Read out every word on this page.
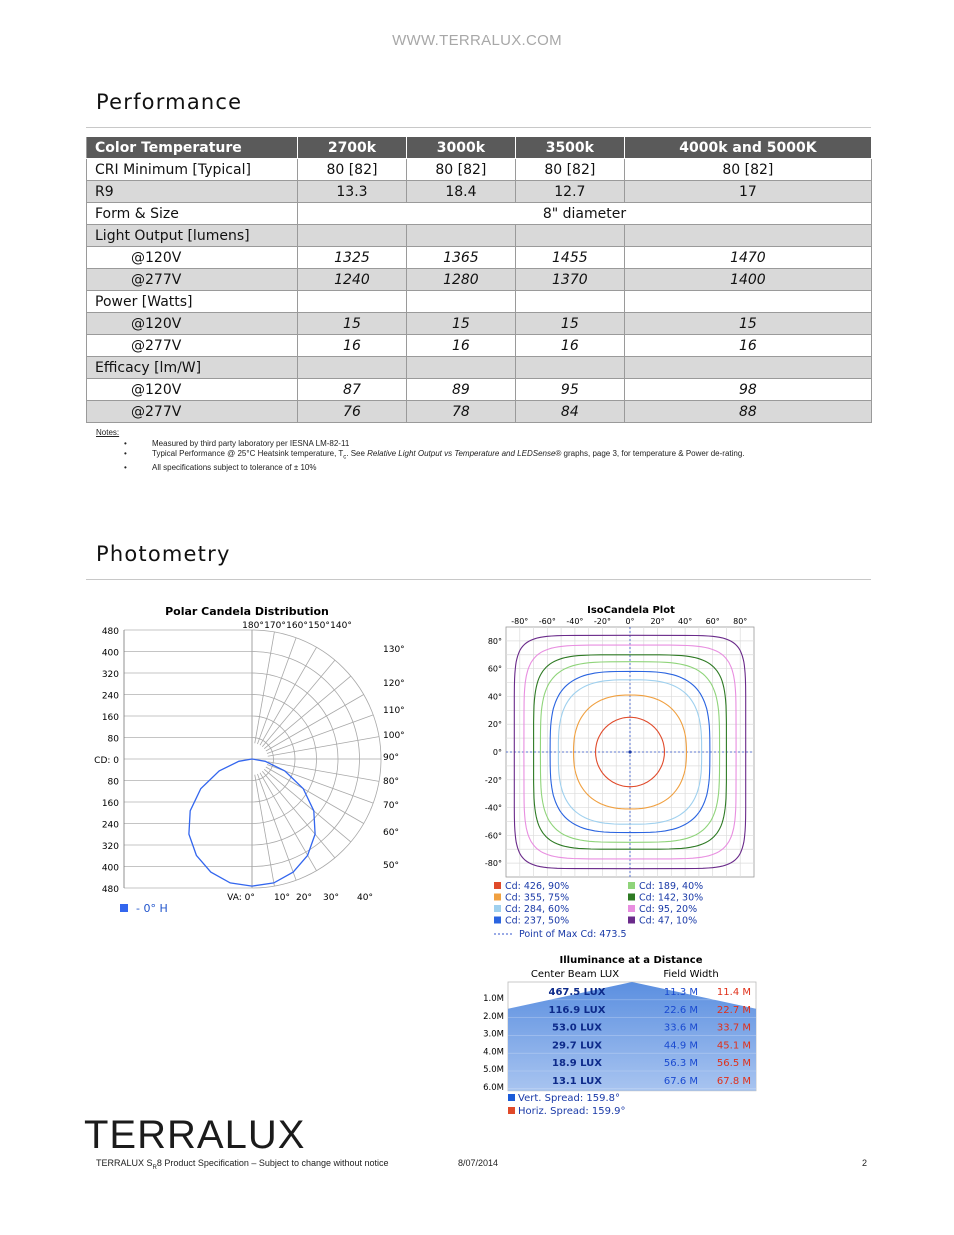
WWW.TERRALUX.COM
Performance
Color Temperature	2700k	3000k	3500k	4000k and 5000K
CRI Minimum [Typical]	80 [82]	80 [82]	80 [82]	80 [82]
R9	13.3	18.4	12.7	17
Form & Size	8" diameter			
Light Output [lumens]				
@120V	1325	1365	1455	1470
@277V	1240	1280	1370	1400
Power [Watts]				
@120V	15	15	15	15
@277V	16	16	16	16
Efficacy [lm/W]				
@120V	87	89	95	98
@277V	76	78	84	88
Notes:
• Measured by third party laboratory per IESNA LM-82-11
• Typical Performance @ 25°C Heatsink temperature, $T_c$. See Relative Light Output vs Temperature and LEDSense® graphs, page 3, for temperature & Power de-rating.
• All specifications subject to tolerance of ± 10%
Photometry
Polar Candela Distribution
480
400
320
240
160
80
CD: 0
80
160
240
320
400
480
180° 170° 160° 150° 140°
130°
120°
110°
100°
90°
80°
70°
60°
50°
VA: 0° 10° 20° 30° 40°
- 0° H
IsoCandela Plot
-80° -60° -40° -20° 0° 20° 40° 60° 80°
80°
60°
40°
20°
0°
-20°
-40°
-60°
-80°
Cd: 426, 90%	Cd: 189, 40%
Cd: 355, 75%	Cd: 142, 30%
Cd: 284, 60%	Cd: 95, 20%
Cd: 237, 50%	Cd: 47, 10%
Point of Max Cd: 473.5
Illuminance at a Distance
Center Beam LUX	Field Width
1.0M
467.5 LUX	11.3 M 11.4 M
2.0M
116.9 LUX	22.6 M 22.7 M
3.0M
53.0 LUX	33.6 M 33.7 M
4.0M
29.7 LUX	44.9 M 45.1 M
5.0M
18.9 LUX	56.3 M 56.5 M
6.0M
13.1 LUX	67.6 M 67.8 M
Vert. Spread: 159.8°
Horiz. Spread: 159.9°
TERRALUX
TERRALUX $S_R8$ Product Specification – Subject to change without notice	8/07/2014	2
